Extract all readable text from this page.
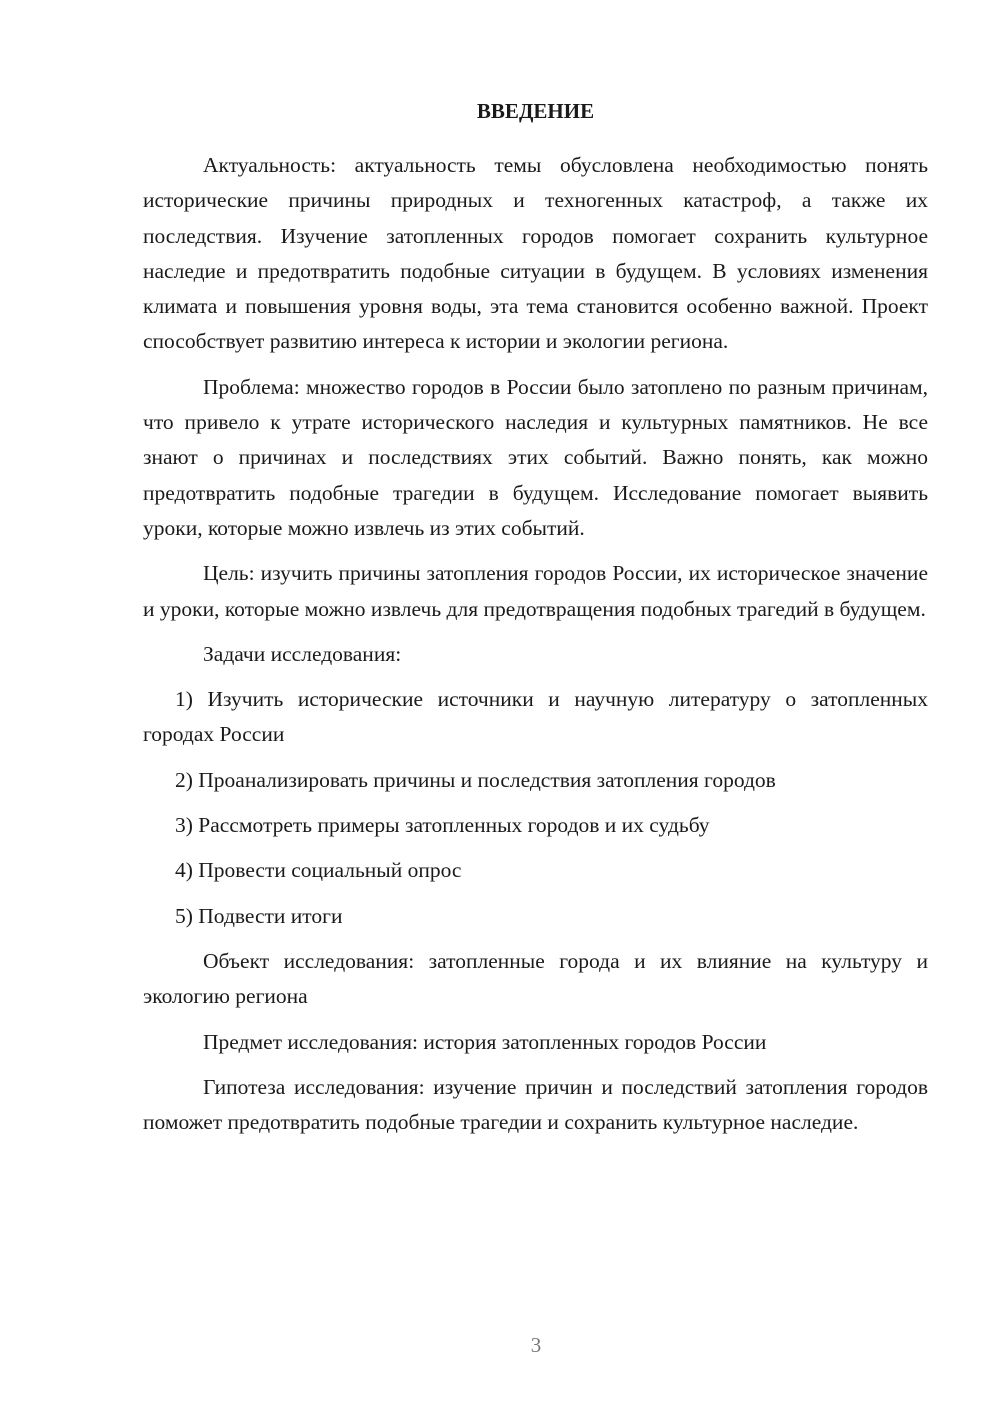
ВВЕДЕНИЕ

Актуальность: актуальность темы обусловлена необходимостью понять исторические причины природных и техногенных катастроф, а также их последствия. Изучение затопленных городов помогает сохранить культурное наследие и предотвратить подобные ситуации в будущем. В условиях изменения климата и повышения уровня воды, эта тема становится особенно важной. Проект способствует развитию интереса к истории и экологии региона.

Проблема: множество городов в России было затоплено по разным причинам, что привело к утрате исторического наследия и культурных памятников. Не все знают о причинах и последствиях этих событий. Важно понять, как можно предотвратить подобные трагедии в будущем. Исследование помогает выявить уроки, которые можно извлечь из этих событий.

Цель: изучить причины затопления городов России, их историческое значение и уроки, которые можно извлечь для предотвращения подобных трагедий в будущем.

Задачи исследования:

1) Изучить исторические источники и научную литературу о затопленных городах России

2) Проанализировать причины и последствия затопления городов

3) Рассмотреть примеры затопленных городов и их судьбу

4) Провести социальный опрос

5) Подвести итоги

Объект исследования: затопленные города и их влияние на культуру и экологию региона

Предмет исследования: история затопленных городов России

Гипотеза исследования: изучение причин и последствий затопления городов поможет предотвратить подобные трагедии и сохранить культурное наследие.

3
